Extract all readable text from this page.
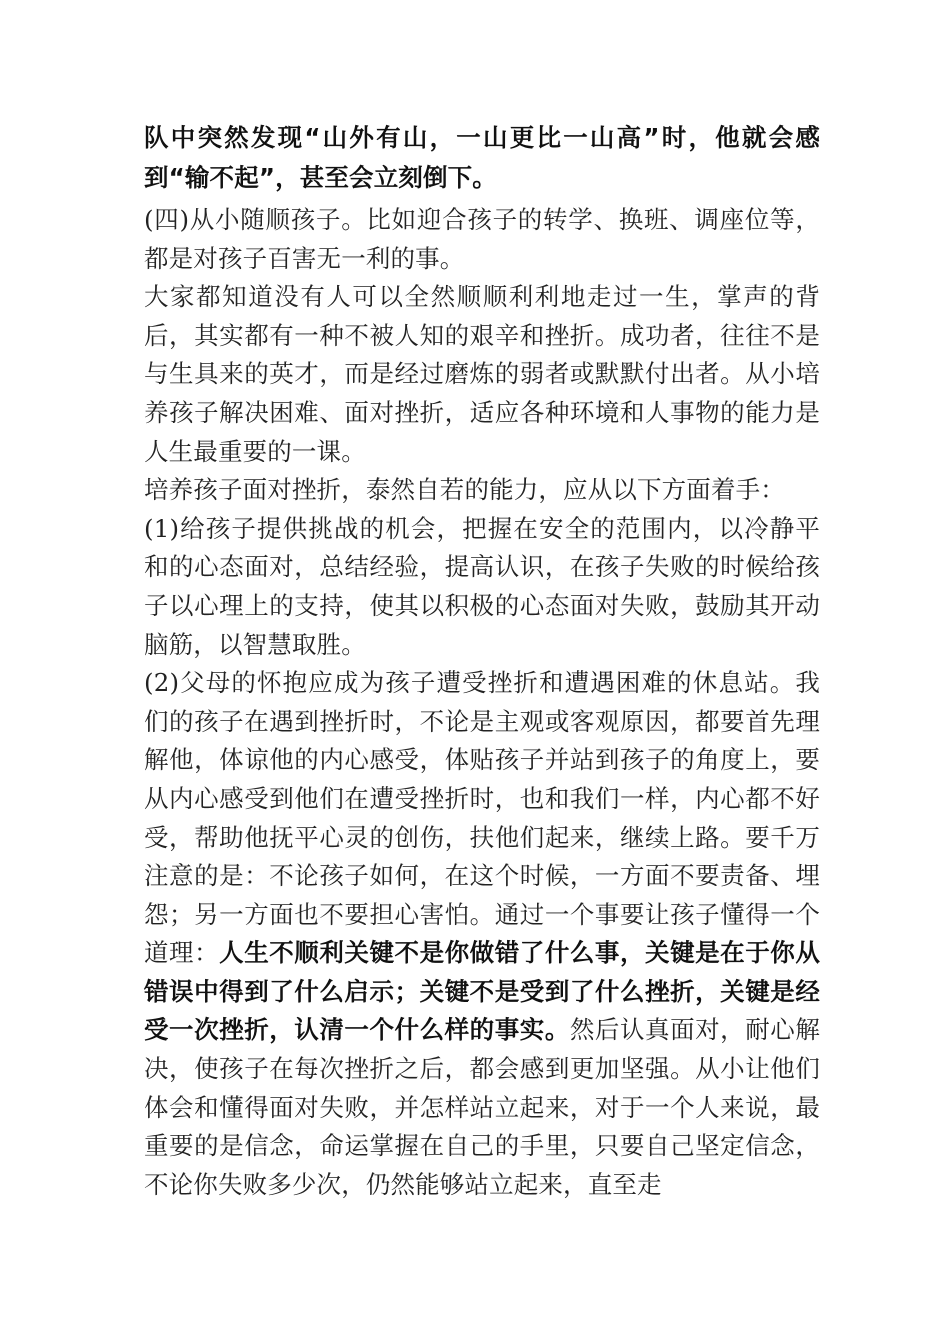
队中突然发现“山外有山，一山更比一山高”时，他就会感到“输不起”，甚至会立刻倒下。

(四)从小随顺孩子。比如迎合孩子的转学、换班、调座位等，都是对孩子百害无一利的事。

大家都知道没有人可以全然顺顺利利地走过一生，掌声的背后，其实都有一种不被人知的艰辛和挫折。成功者，往往不是与生具来的英才，而是经过磨炼的弱者或默默付出者。从小培养孩子解决困难、面对挫折，适应各种环境和人事物的能力是人生最重要的一课。

培养孩子面对挫折，泰然自若的能力，应从以下方面着手：

(1)给孩子提供挑战的机会，把握在安全的范围内，以冷静平和的心态面对，总结经验，提高认识，在孩子失败的时候给孩子以心理上的支持，使其以积极的心态面对失败，鼓励其开动脑筋，以智慧取胜。

(2)父母的怀抱应成为孩子遭受挫折和遭遇困难的休息站。我们的孩子在遇到挫折时，不论是主观或客观原因，都要首先理解他，体谅他的内心感受，体贴孩子并站到孩子的角度上，要从内心感受到他们在遭受挫折时，也和我们一样，内心都不好受，帮助他抚平心灵的创伤，扶他们起来，继续上路。要千万注意的是：不论孩子如何，在这个时候，一方面不要责备、埋怨；另一方面也不要担心害怕。通过一个事要让孩子懂得一个道理：人生不顺利关键不是你做错了什么事，关键是在于你从错误中得到了什么启示；关键不是受到了什么挫折，关键是经受一次挫折，认清一个什么样的事实。然后认真面对，耐心解决，使孩子在每次挫折之后，都会感到更加坚强。从小让他们体会和懂得面对失败，并怎样站立起来，对于一个人来说，最重要的是信念，命运掌握在自己的手里，只要自己坚定信念，不论你失败多少次，仍然能够站立起来，直至走
